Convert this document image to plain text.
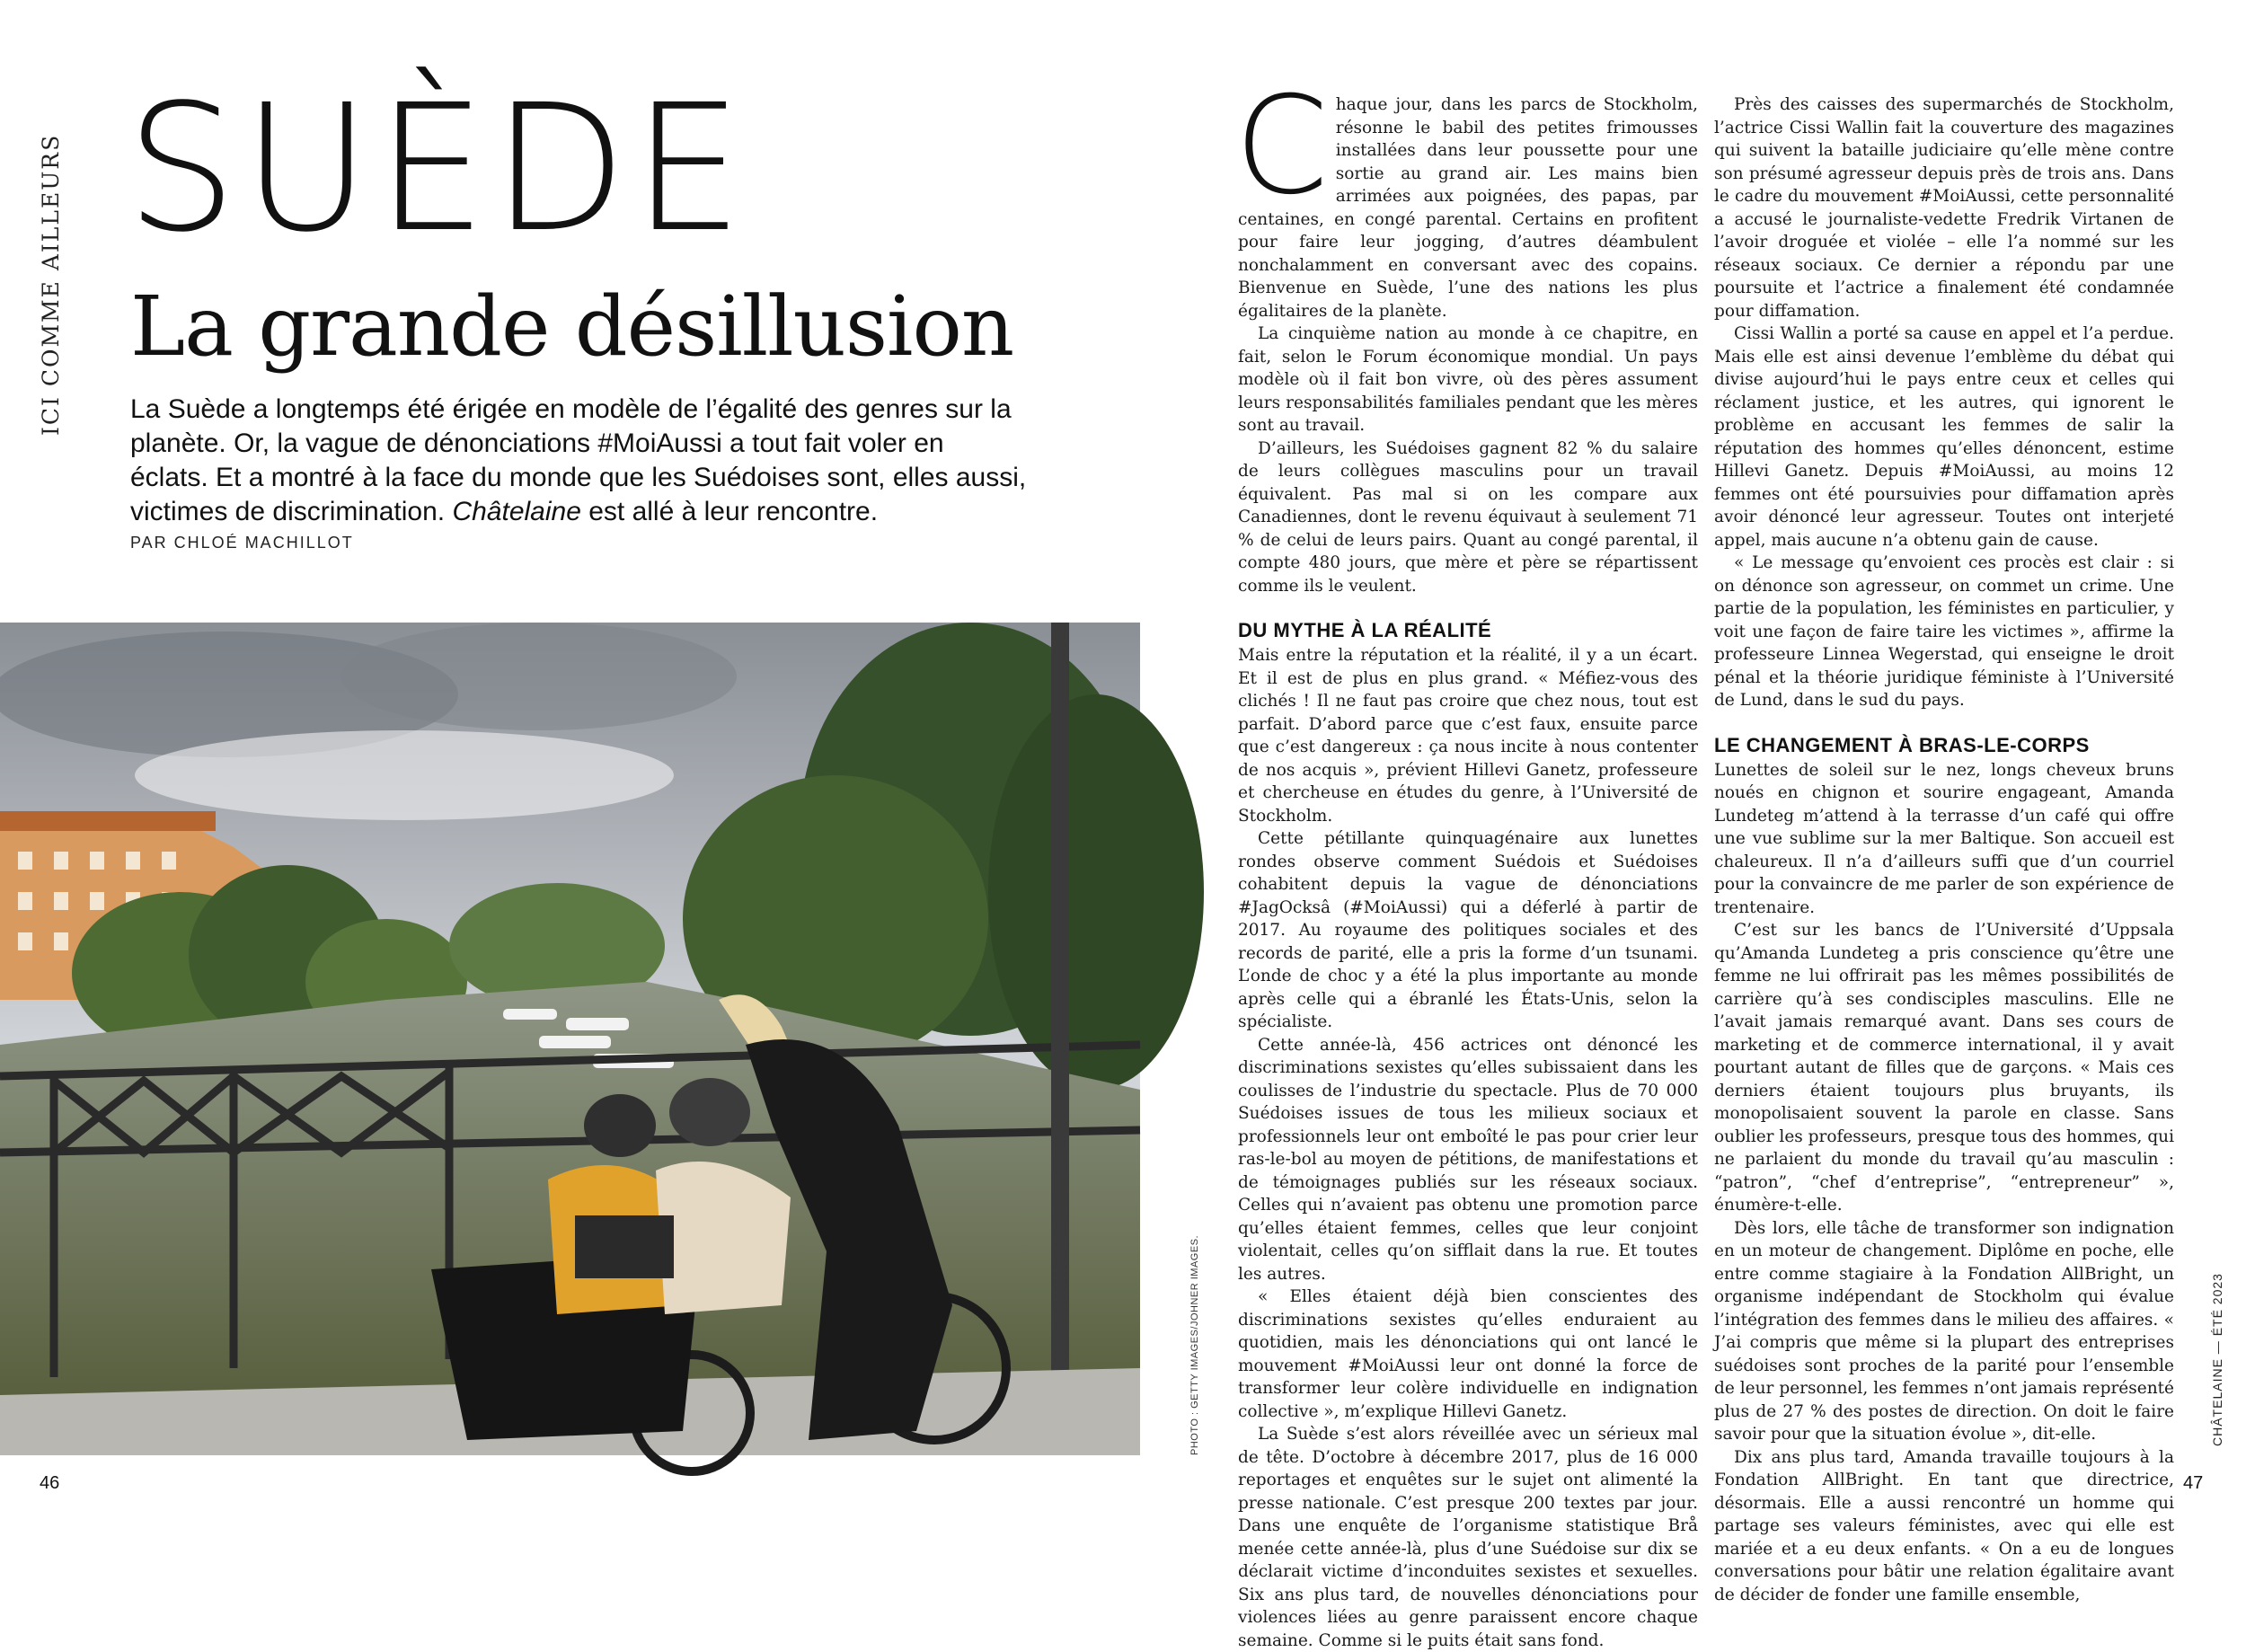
ICI COMME AILLEURS SUÈDE
La grande désillusion
La Suède a longtemps été érigée en modèle de l’égalité des genres sur la planète. Or, la vague de dénonciations #MoiAussi a tout fait voler en éclats. Et a montré à la face du monde que les Suédoises sont, elles aussi, victimes de discrimination. Châtelaine est allé à leur rencontre.
PAR CHLOÉ MACHILLOT
PHOTO : GETTY IMAGES/JOHNER IMAGES.
46

Chaque jour, dans les parcs de Stockholm, résonne le babil des petites frimousses installées dans leur poussette pour une sortie au grand air. Les mains bien arrimées aux poignées, des papas, par centaines, en congé parental. Certains en profitent pour faire leur jogging, d’autres déambulent nonchalamment en conversant avec des copains. Bienvenue en Suède, l’une des nations les plus égalitaires de la planète.

La cinquième nation au monde à ce chapitre, en fait, selon le Forum économique mondial. Un pays modèle où il fait bon vivre, où des pères assument leurs responsabilités familiales pendant que les mères sont au travail.

D’ailleurs, les Suédoises gagnent 82 % du salaire de leurs collègues masculins pour un travail équivalent. Pas mal si on les compare aux Canadiennes, dont le revenu équivaut à seulement 71 % de celui de leurs pairs. Quant au congé parental, il compte 480 jours, que mère et père se répartissent comme ils le veulent.

DU MYTHE À LA RÉALITÉ

Mais entre la réputation et la réalité, il y a un écart. Et il est de plus en plus grand. « Méfiez-vous des clichés ! Il ne faut pas croire que chez nous, tout est parfait. D’abord parce que c’est faux, ensuite parce que c’est dangereux : ça nous incite à nous contenter de nos acquis », prévient Hillevi Ganetz, professeure et chercheuse en études du genre, à l’Université de Stockholm.

Cette pétillante quinquagénaire aux lunettes rondes observe comment Suédois et Suédoises cohabitent depuis la vague de dénonciations #JagOcksâ (#MoiAussi) qui a déferlé à partir de 2017. Au royaume des politiques sociales et des records de parité, elle a pris la forme d’un tsunami. L’onde de choc y a été la plus importante au monde après celle qui a ébranlé les États-Unis, selon la spécialiste.

Cette année-là, 456 actrices ont dénoncé les discriminations sexistes qu’elles subissaient dans les coulisses de l’industrie du spectacle. Plus de 70 000 Suédoises issues de tous les milieux sociaux et professionnels leur ont emboîté le pas pour crier leur ras-le-bol au moyen de pétitions, de manifestations et de témoignages publiés sur les réseaux sociaux. Celles qui n’avaient pas obtenu une promotion parce qu’elles étaient femmes, celles que leur conjoint violentait, celles qu’on sifflait dans la rue. Et toutes les autres.

« Elles étaient déjà bien conscientes des discriminations sexistes qu’elles enduraient au quotidien, mais les dénonciations qui ont lancé le mouvement #MoiAussi leur ont donné la force de transformer leur colère individuelle en indignation collective », m’explique Hillevi Ganetz.

La Suède s’est alors réveillée avec un sérieux mal de tête. D’octobre à décembre 2017, plus de 16 000 reportages et enquêtes sur le sujet ont alimenté la presse nationale. C’est presque 200 textes par jour. Dans une enquête de l’organisme statistique Brå menée cette année-là, plus d’une Suédoise sur dix se déclarait victime d’inconduites sexistes et sexuelles. Six ans plus tard, de nouvelles dénonciations pour violences liées au genre paraissent encore chaque semaine. Comme si le puits était sans fond.

Près des caisses des supermarchés de Stockholm, l’actrice Cissi Wallin fait la couverture des magazines qui suivent la bataille judiciaire qu’elle mène contre son présumé agresseur depuis près de trois ans. Dans le cadre du mouvement #MoiAussi, cette personnalité a accusé le journaliste-vedette Fredrik Virtanen de l’avoir droguée et violée – elle l’a nommé sur les réseaux sociaux. Ce dernier a répondu par une poursuite et l’actrice a finalement été condamnée pour diffamation.

Cissi Wallin a porté sa cause en appel et l’a perdue. Mais elle est ainsi devenue l’emblème du débat qui divise aujourd’hui le pays entre ceux et celles qui réclament justice, et les autres, qui ignorent le problème en accusant les femmes de salir la réputation des hommes qu’elles dénoncent, estime Hillevi Ganetz. Depuis #MoiAussi, au moins 12 femmes ont été poursuivies pour diffamation après avoir dénoncé leur agresseur. Toutes ont interjeté appel, mais aucune n’a obtenu gain de cause.

« Le message qu’envoient ces procès est clair : si on dénonce son agresseur, on commet un crime. Une partie de la population, les féministes en particulier, y voit une façon de faire taire les victimes », affirme la professeure Linnea Wegerstad, qui enseigne le droit pénal et la théorie juridique féministe à l’Université de Lund, dans le sud du pays.

LE CHANGEMENT À BRAS-LE-CORPS

Lunettes de soleil sur le nez, longs cheveux bruns noués en chignon et sourire engageant, Amanda Lundeteg m’attend à la terrasse d’un café qui offre une vue sublime sur la mer Baltique. Son accueil est chaleureux. Il n’a d’ailleurs suffi que d’un courriel pour la convaincre de me parler de son expérience de trentenaire.

C’est sur les bancs de l’Université d’Uppsala qu’Amanda Lundeteg a pris conscience qu’être une femme ne lui offrirait pas les mêmes possibilités de carrière qu’à ses condisciples masculins. Elle ne l’avait jamais remarqué avant. Dans ses cours de marketing et de commerce international, il y avait pourtant autant de filles que de garçons. « Mais ces derniers étaient toujours plus bruyants, ils monopolisaient souvent la parole en classe. Sans oublier les professeurs, presque tous des hommes, qui ne parlaient du monde du travail qu’au masculin : “patron”, “chef d’entreprise”, “entrepreneur” », énumère-t-elle.

Dès lors, elle tâche de transformer son indignation en un moteur de changement. Diplôme en poche, elle entre comme stagiaire à la Fondation AllBright, un organisme indépendant de Stockholm qui évalue l’intégration des femmes dans le milieu des affaires. « J’ai compris que même si la plupart des entreprises suédoises sont proches de la parité pour l’ensemble de leur personnel, les femmes n’ont jamais représenté plus de 27 % des postes de direction. On doit le faire savoir pour que la situation évolue », dit-elle.

Dix ans plus tard, Amanda travaille toujours à la Fondation AllBright. En tant que directrice, désormais. Elle a aussi rencontré un homme qui partage ses valeurs féministes, avec qui elle est mariée et a eu deux enfants. « On a eu de longues conversations pour bâtir une relation égalitaire avant de décider de fonder une famille ensemble,

CHÂTELAINE — ÉTÉ 2023
47
